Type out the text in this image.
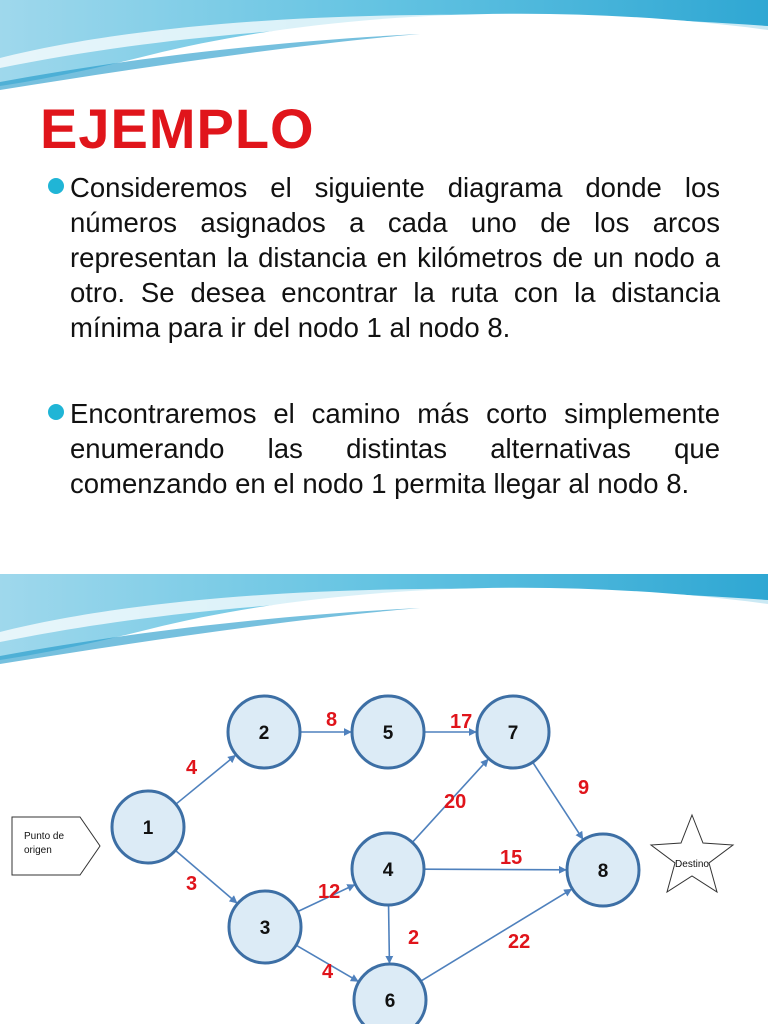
EJEMPLO

Consideremos el siguiente diagrama donde los números asignados a cada uno de los arcos representan la distancia en kilómetros de un nodo a otro. Se desea encontrar la ruta con la distancia mínima para ir del nodo 1 al nodo 8.

Encontraremos el camino más corto simplemente enumerando las distintas alternativas que comenzando en el nodo 1 permita llegar al nodo 8.

Punto de
origen
Destino
4
3
8	17
9
20
15
12
2
4
22
1
2
3
4
5
6
7
8
